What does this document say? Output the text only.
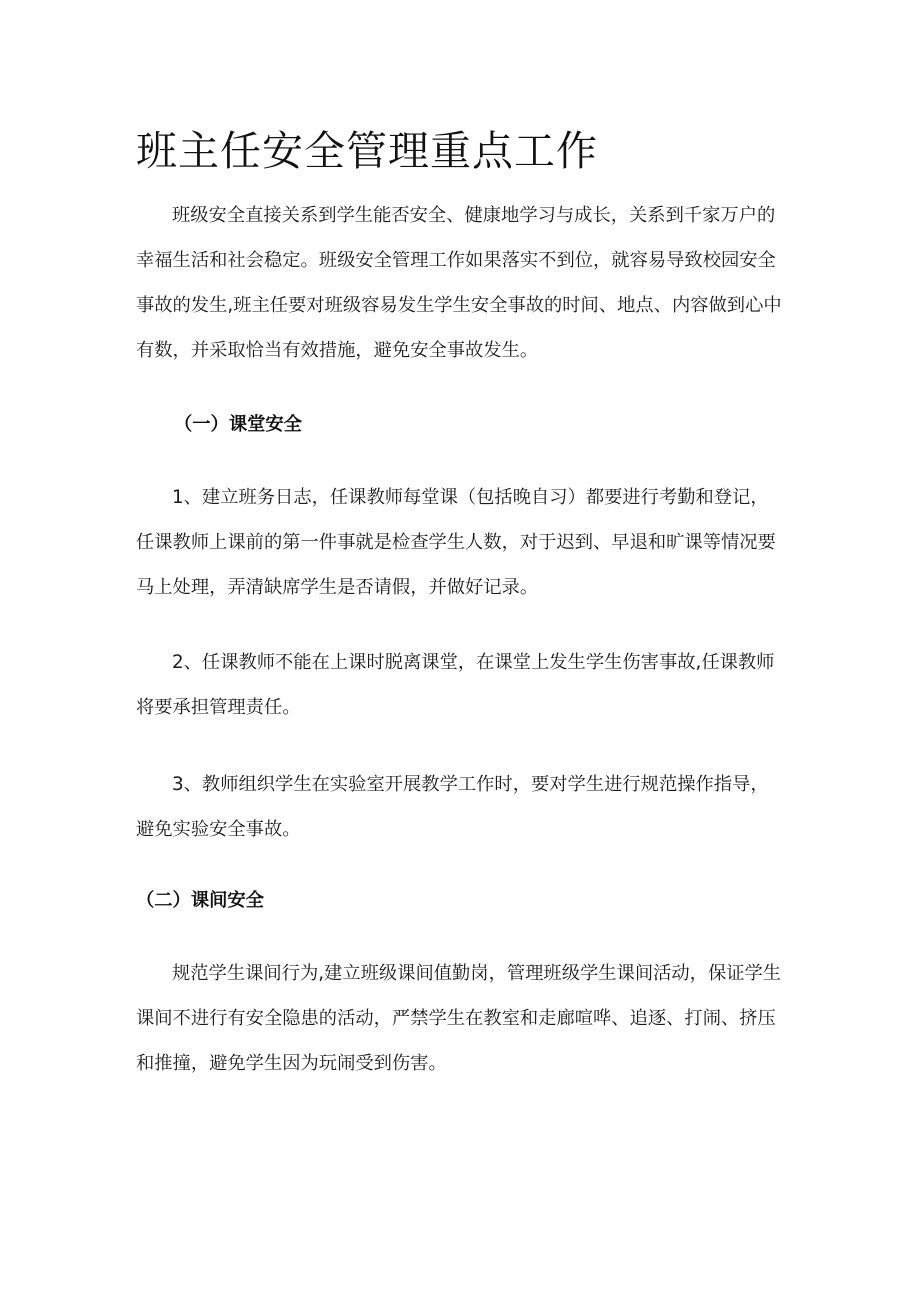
班主任安全管理重点工作

班级安全直接关系到学生能否安全、健康地学习与成长，关系到千家万户的幸福生活和社会稳定。班级安全管理工作如果落实不到位，就容易导致校园安全事故的发生,班主任要对班级容易发生学生安全事故的时间、地点、内容做到心中有数，并采取恰当有效措施，避免安全事故发生。

（一）课堂安全

1、建立班务日志，任课教师每堂课（包括晚自习）都要进行考勤和登记，任课教师上课前的第一件事就是检查学生人数，对于迟到、早退和旷课等情况要马上处理，弄清缺席学生是否请假，并做好记录。

2、任课教师不能在上课时脱离课堂，在课堂上发生学生伤害事故,任课教师将要承担管理责任。

3、教师组织学生在实验室开展教学工作时，要对学生进行规范操作指导，避免实验安全事故。

（二）课间安全

规范学生课间行为,建立班级课间值勤岗，管理班级学生课间活动，保证学生课间不进行有安全隐患的活动，严禁学生在教室和走廊喧哗、追逐、打闹、挤压和推撞，避免学生因为玩闹受到伤害。
